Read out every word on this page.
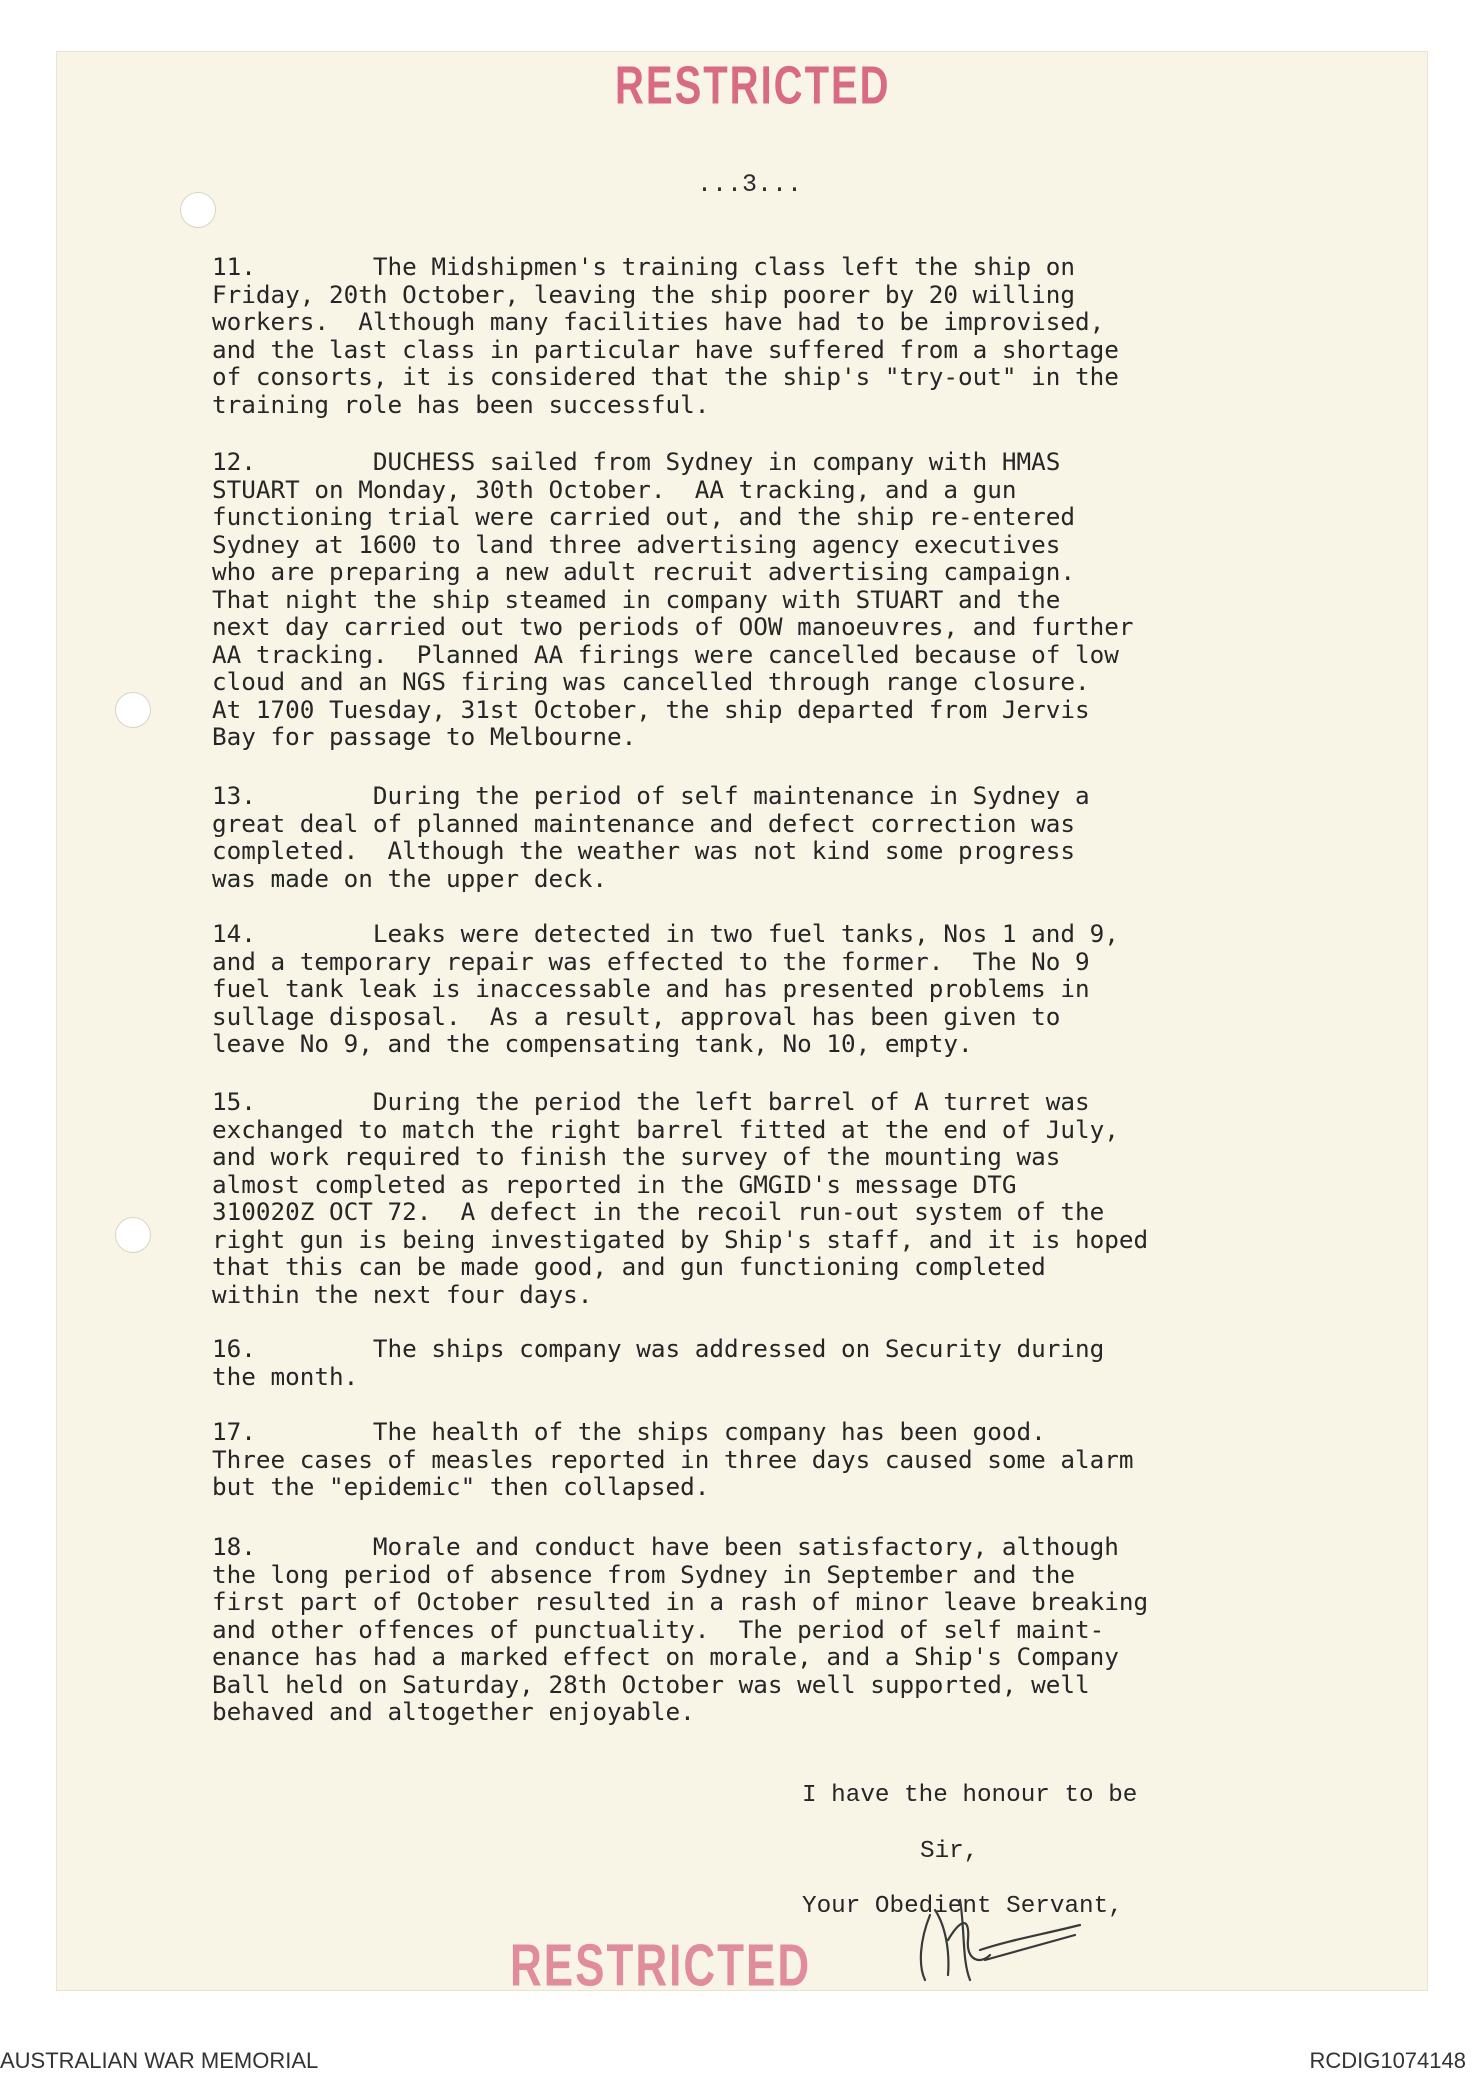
RESTRICTED
...3...
11.        The Midshipmen's training class left the ship on
Friday, 20th October, leaving the ship poorer by 20 willing
workers.  Although many facilities have had to be improvised,
and the last class in particular have suffered from a shortage
of consorts, it is considered that the ship's "try-out" in the
training role has been successful.
12.        DUCHESS sailed from Sydney in company with HMAS
STUART on Monday, 30th October.  AA tracking, and a gun
functioning trial were carried out, and the ship re-entered
Sydney at 1600 to land three advertising agency executives
who are preparing a new adult recruit advertising campaign.
That night the ship steamed in company with STUART and the
next day carried out two periods of OOW manoeuvres, and further
AA tracking.  Planned AA firings were cancelled because of low
cloud and an NGS firing was cancelled through range closure.
At 1700 Tuesday, 31st October, the ship departed from Jervis
Bay for passage to Melbourne.
13.        During the period of self maintenance in Sydney a
great deal of planned maintenance and defect correction was
completed.  Although the weather was not kind some progress
was made on the upper deck.
14.        Leaks were detected in two fuel tanks, Nos 1 and 9,
and a temporary repair was effected to the former.  The No 9
fuel tank leak is inaccessable and has presented problems in
sullage disposal.  As a result, approval has been given to
leave No 9, and the compensating tank, No 10, empty.
15.        During the period the left barrel of A turret was
exchanged to match the right barrel fitted at the end of July,
and work required to finish the survey of the mounting was
almost completed as reported in the GMGID's message DTG
310020Z OCT 72.  A defect in the recoil run-out system of the
right gun is being investigated by Ship's staff, and it is hoped
that this can be made good, and gun functioning completed
within the next four days.
16.        The ships company was addressed on Security during
the month.
17.        The health of the ships company has been good.
Three cases of measles reported in three days caused some alarm
but the "epidemic" then collapsed.
18.        Morale and conduct have been satisfactory, although
the long period of absence from Sydney in September and the
first part of October resulted in a rash of minor leave breaking
and other offences of punctuality.  The period of self maint-
enance has had a marked effect on morale, and a Ship's Company
Ball held on Saturday, 28th October was well supported, well
behaved and altogether enjoyable.
I have the honour to be
Sir,
Your Obedient Servant,
RESTRICTED
AUSTRALIAN WAR MEMORIAL	RCDIG1074148
